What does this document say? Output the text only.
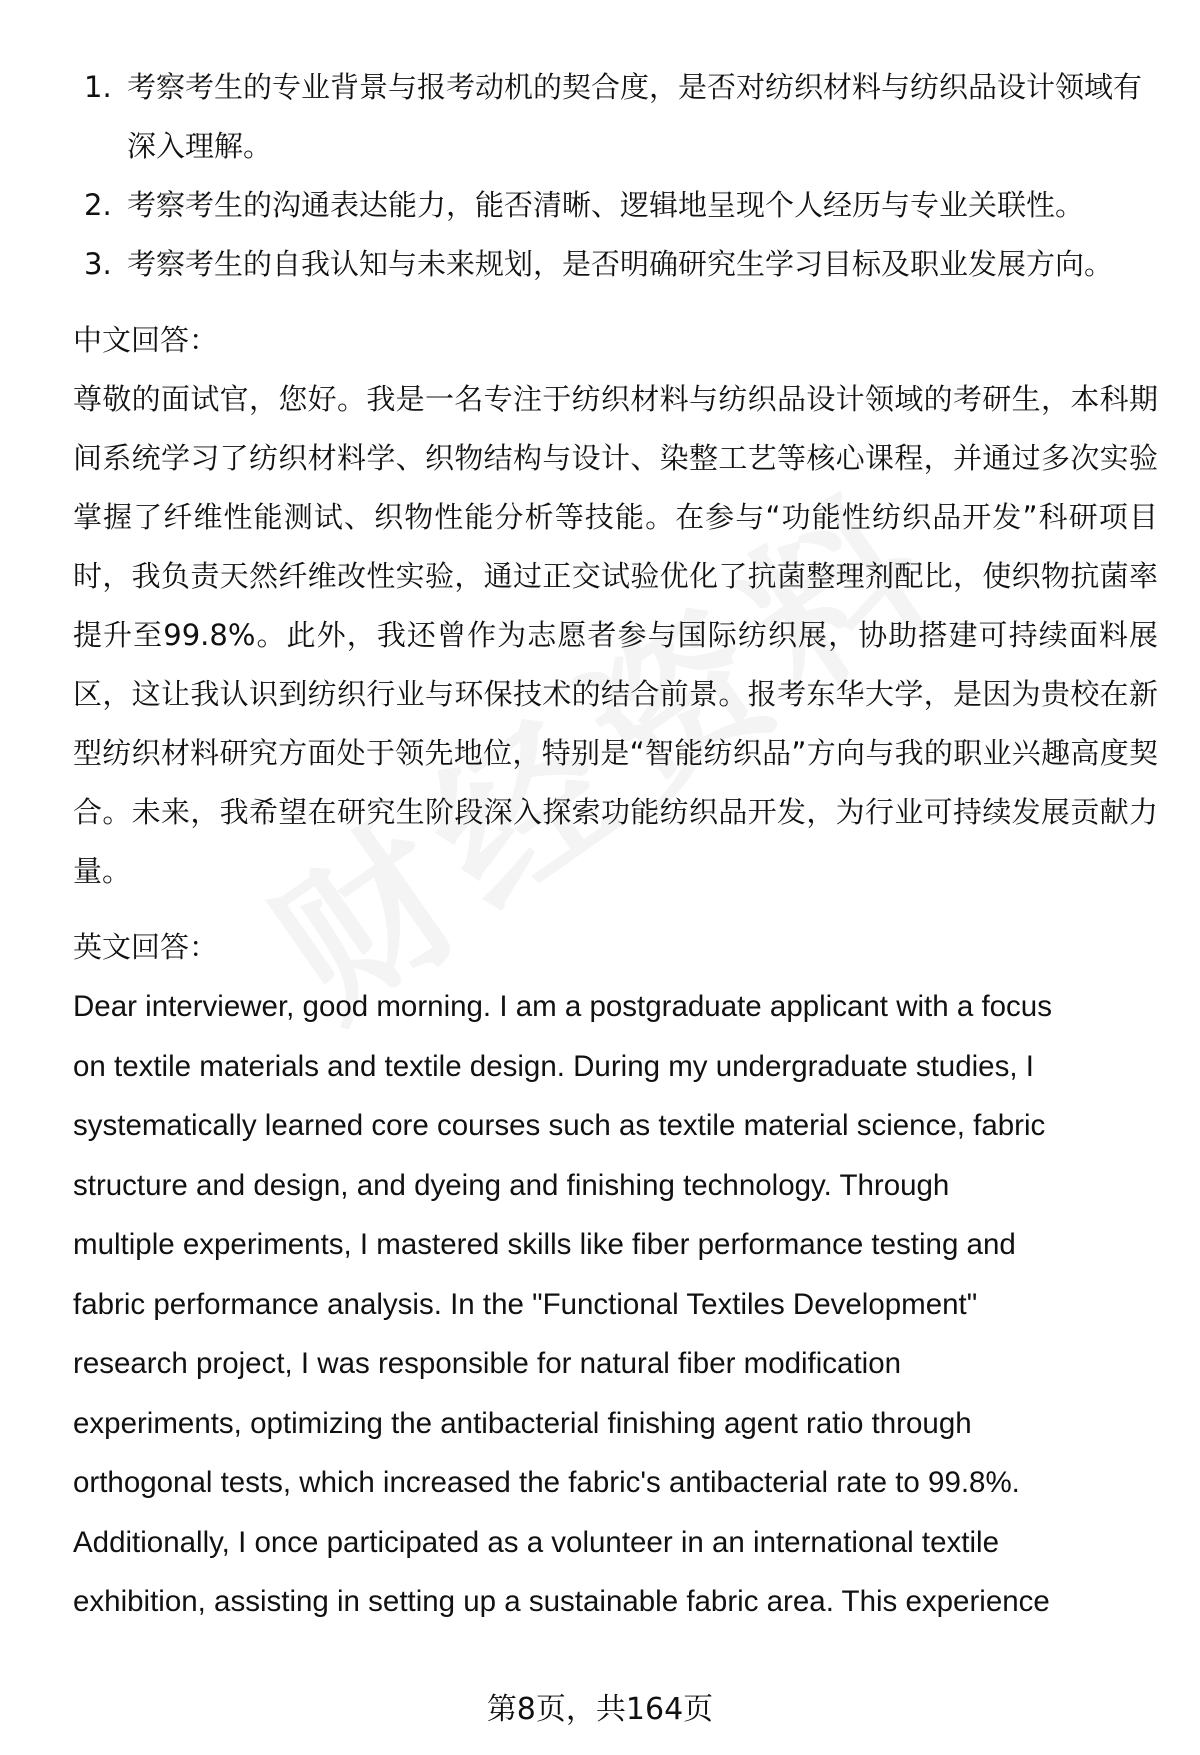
1. 考察考生的专业背景与报考动机的契合度，是否对纺织材料与纺织品设计领域有深入理解。
2. 考察考生的沟通表达能力，能否清晰、逻辑地呈现个人经历与专业关联性。
3. 考察考生的自我认知与未来规划，是否明确研究生学习目标及职业发展方向。
中文回答：
尊敬的面试官，您好。我是一名专注于纺织材料与纺织品设计领域的考研生，本科期间系统学习了纺织材料学、织物结构与设计、染整工艺等核心课程，并通过多次实验掌握了纤维性能测试、织物性能分析等技能。在参与“功能性纺织品开发”科研项目时，我负责天然纤维改性实验，通过正交试验优化了抗菌整理剂配比，使织物抗菌率提升至99.8%。此外，我还曾作为志愿者参与国际纺织展，协助搭建可持续面料展区，这让我认识到纺织行业与环保技术的结合前景。报考东华大学，是因为贵校在新型纺织材料研究方面处于领先地位，特别是“智能纺织品”方向与我的职业兴趣高度契合。未来，我希望在研究生阶段深入探索功能纺织品开发，为行业可持续发展贡献力量。
英文回答：
Dear interviewer, good morning. I am a postgraduate applicant with a focus
on textile materials and textile design. During my undergraduate studies, I
systematically learned core courses such as textile material science, fabric
structure and design, and dyeing and finishing technology. Through
multiple experiments, I mastered skills like fiber performance testing and
fabric performance analysis. In the "Functional Textiles Development"
research project, I was responsible for natural fiber modification
experiments, optimizing the antibacterial finishing agent ratio through
orthogonal tests, which increased the fabric's antibacterial rate to 99.8%.
Additionally, I once participated as a volunteer in an international textile
exhibition, assisting in setting up a sustainable fabric area. This experience
第8页，共164页
